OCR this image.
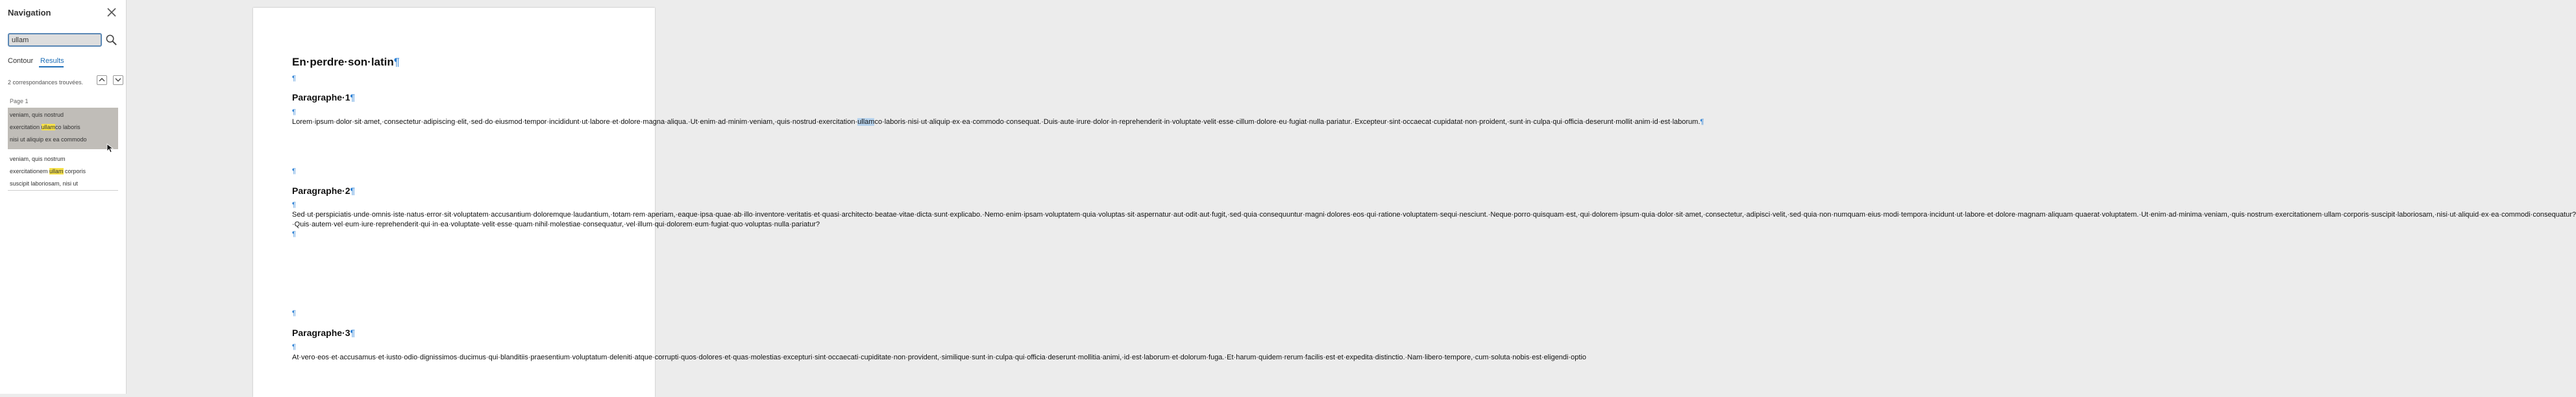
Navigation
ullam
Contour Results
2 correspondances trouvées.
Page 1
veniam, quis nostrud
exercitation ullamco laboris
nisi ut aliquip ex ea commodo
veniam, quis nostrum
exercitationem ullam corporis
suscipit laboriosam, nisi ut
En·perdre·son·latin¶
¶
Paragraphe·1¶
¶
Lorem·ipsum·dolor·sit·amet,·consectetur·adipiscing·elit,·sed·do·eiusmod·tempor·incididunt·ut·labore·et·dolore·magna·aliqua.·Ut·enim·ad·minim·veniam,·quis·nostrud·exercitation·ullamco·laboris·nisi·ut·aliquip·ex·ea·commodo·consequat.·Duis·aute·irure·dolor·in·reprehenderit·in·voluptate·velit·esse·cillum·dolore·eu·fugiat·nulla·pariatur.·Excepteur·sint·occaecat·cupidatat·non·proident,·sunt·in·culpa·qui·officia·deserunt·mollit·anim·id·est·laborum.¶
¶
Paragraphe·2¶
¶
Sed·ut·perspiciatis·unde·omnis·iste·natus·error·sit·voluptatem·accusantium·doloremque·laudantium,·totam·rem·aperiam,·eaque·ipsa·quae·ab·illo·inventore·veritatis·et·quasi·architecto·beatae·vitae·dicta·sunt·explicabo.·Nemo·enim·ipsam·voluptatem·quia·voluptas·sit·aspernatur·aut·odit·aut·fugit,·sed·quia·consequuntur·magni·dolores·eos·qui·ratione·voluptatem·sequi·nesciunt.·Neque·porro·quisquam·est,·qui·dolorem·ipsum·quia·dolor·sit·amet,·consectetur,·adipisci·velit,·sed·quia·non·numquam·eius·modi·tempora·incidunt·ut·labore·et·dolore·magnam·aliquam·quaerat·voluptatem.·Ut·enim·ad·minima·veniam,·quis·nostrum·exercitationem·ullam·corporis·suscipit·laboriosam,·nisi·ut·aliquid·ex·ea·commodi·consequatur?·Quis·autem·vel·eum·iure·reprehenderit·qui·in·ea·voluptate·velit·esse·quam·nihil·molestiae·consequatur,·vel·illum·qui·dolorem·eum·fugiat·quo·voluptas·nulla·pariatur?¶
¶
Paragraphe·3¶
¶
At·vero·eos·et·accusamus·et·iusto·odio·dignissimos·ducimus·qui·blanditiis·praesentium·voluptatum·deleniti·atque·corrupti·quos·dolores·et·quas·molestias·excepturi·sint·occaecati·cupiditate·non·provident,·similique·sunt·in·culpa·qui·officia·deserunt·mollitia·animi,·id·est·laborum·et·dolorum·fuga.·Et·harum·quidem·rerum·facilis·est·et·expedita·distinctio.·Nam·libero·tempore,·cum·soluta·nobis·est·eligendi·optio
